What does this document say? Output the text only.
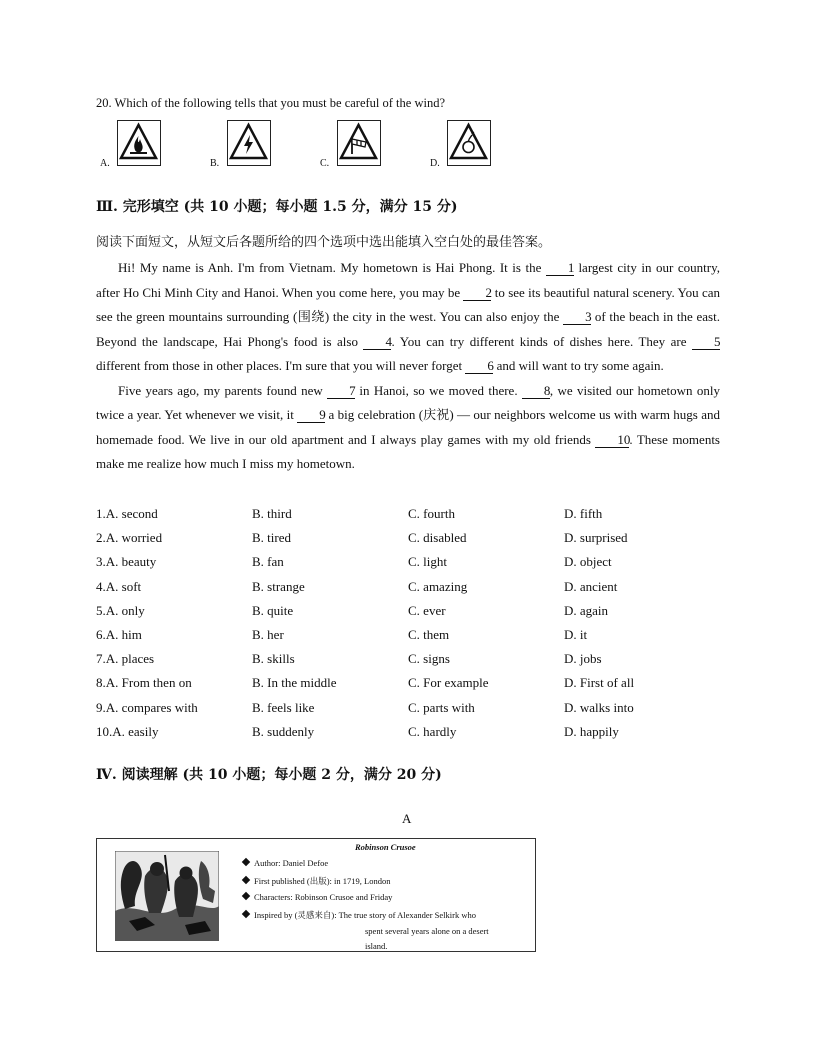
20. Which of the following tells that you must be careful of the wind?
A.	B.	C.	D.
Ⅲ. 完形填空 (共 10 小题；每小题 1.5 分，满分 15 分)
阅读下面短文，从短文后各题所给的四个选项中选出能填入空白处的最佳答案。

Hi! My name is Anh. I'm from Vietnam. My hometown is Hai Phong. It is the 1 largest city in our country, after Ho Chi Minh City and Hanoi. When you come here, you may be 2 to see its beautiful natural scenery. You can see the green mountains surrounding (围绕) the city in the west. You can also enjoy the 3 of the beach in the east. Beyond the landscape, Hai Phong's food is also 4. You can try different kinds of dishes here. They are 5 different from those in other places. I'm sure that you will never forget 6 and will want to try some again.

Five years ago, my parents found new 7 in Hanoi, so we moved there. 8, we visited our hometown only twice a year. Yet whenever we visit, it 9 a big celebration (庆祝) — our neighbors welcome us with warm hugs and homemade food. We live in our old apartment and I always play games with my old friends 10. These moments make me realize how much I miss my hometown.

1.A. second	B. third	C. fourth	D. fifth
2.A. worried	B. tired	C. disabled	D. surprised
3.A. beauty	B. fan	C. light	D. object
4.A. soft	B. strange	C. amazing	D. ancient
5.A. only	B. quite	C. ever	D. again
6.A. him	B. her	C. them	D. it
7.A. places	B. skills	C. signs	D. jobs
8.A. From then on	B. In the middle	C. For example	D. First of all
9.A. compares with	B. feels like	C. parts with	D. walks into
10.A. easily	B. suddenly	C. hardly	D. happily
Ⅳ. 阅读理解 (共 10 小题；每小题 2 分，满分 20 分)
A
Robinson Crusoe
Author: Daniel Defoe
First published (出版): in 1719, London
Characters: Robinson Crusoe and Friday
Inspired by (灵感来自): The true story of Alexander Selkirk who
spent several years alone on a desert
island.
